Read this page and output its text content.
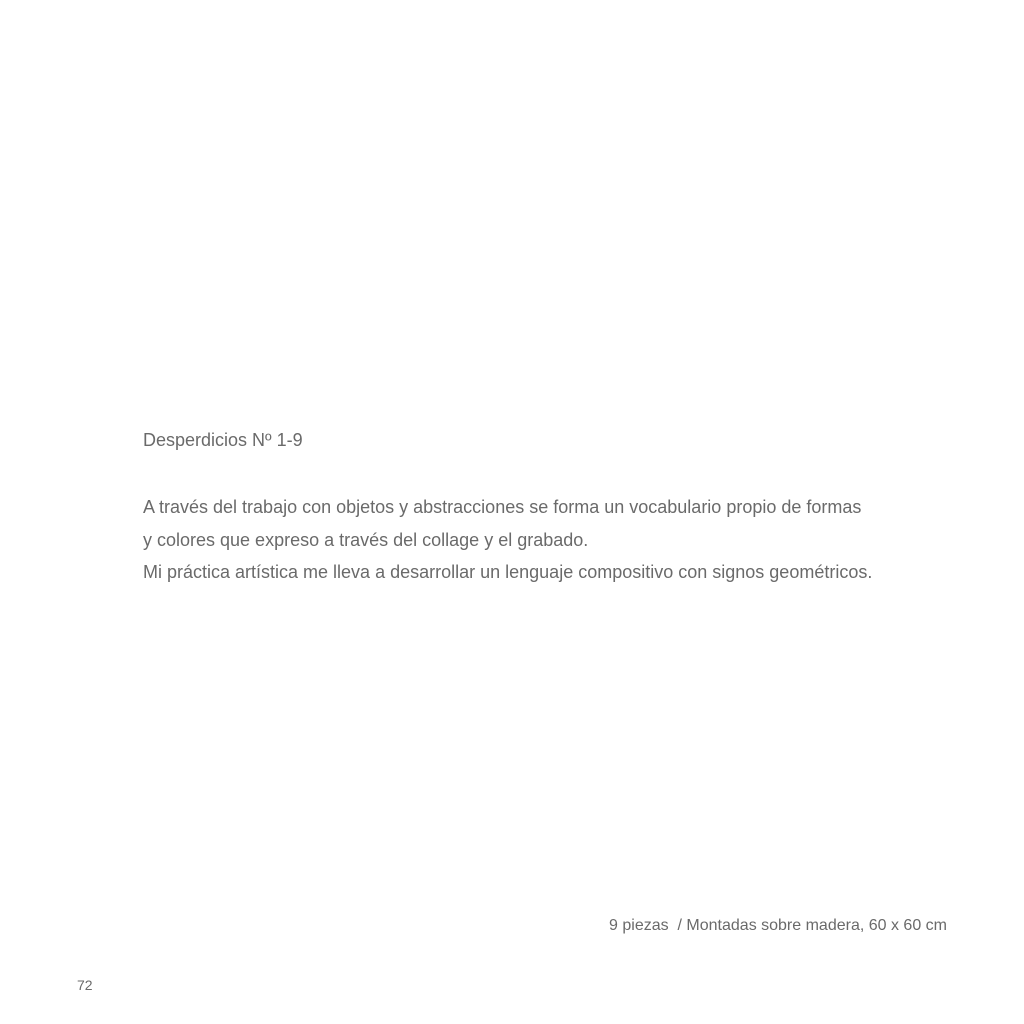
Desperdicios Nº 1-9
A través del trabajo con objetos y abstracciones se forma un vocabulario propio de formas
y colores que expreso a través del collage y el grabado.
Mi práctica artística me lleva a desarrollar un lenguaje compositivo con signos geométricos.
9 piezas  / Montadas sobre madera, 60 x 60 cm
72
